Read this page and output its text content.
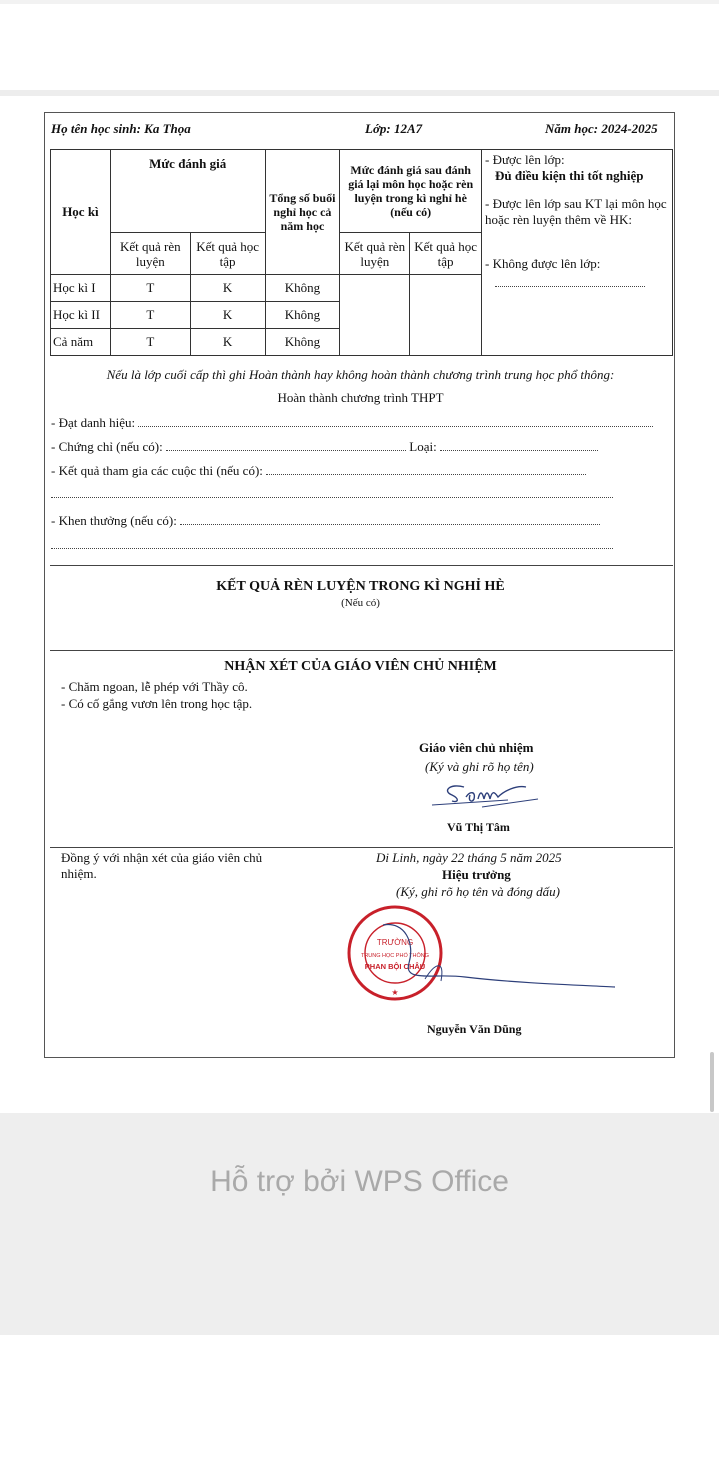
Họ tên học sinh: Ka Thọa	Lớp: 12A7	Năm học: 2024-2025
Học kì	Mức đánh giá		Tổng số buổi nghỉ học cả năm học	Mức đánh giá sau đánh giá lại môn học hoặc rèn luyện trong kì nghỉ hè (nếu có)		- Được lên lớp:
Đủ điều kiện thi tốt nghiệp
- Được lên lớp sau KT lại môn học hoặc rèn luyện thêm về HK:
- Không được lên lớp:

	Kết quả rèn luyện	Kết quả học tập		Kết quả rèn luyện	Kết quả học tập	
Học kì I	T	K	Không			
Học kì II	T	K	Không			
Cả năm	T	K	Không			
Nếu là lớp cuối cấp thì ghi Hoàn thành hay không hoàn thành chương trình trung học phổ thông:
Hoàn thành chương trình THPT
- Đạt danh hiệu:
- Chứng chỉ (nếu có):	Loại:
- Kết quả tham gia các cuộc thi (nếu có):
- Khen thưởng (nếu có):
KẾT QUẢ RÈN LUYỆN TRONG KÌ NGHỈ HÈ
(Nếu có)
NHẬN XÉT CỦA GIÁO VIÊN CHỦ NHIỆM
- Chăm ngoan, lễ phép với Thầy cô.
- Có cố gắng vươn lên trong học tập.
Giáo viên chủ nhiệm
(Ký và ghi rõ họ tên)
Vũ Thị Tâm
Đồng ý với nhận xét của giáo viên chủ nhiệm.
Di Linh, ngày 22 tháng 5 năm 2025
Hiệu trưởng
(Ký, ghi rõ họ tên và đóng dấu)
TRƯỜNG
TRUNG HỌC PHỔ THÔNG
PHAN BỘI CHÂU
★
Nguyễn Văn Dũng
Hỗ trợ bởi WPS Office
